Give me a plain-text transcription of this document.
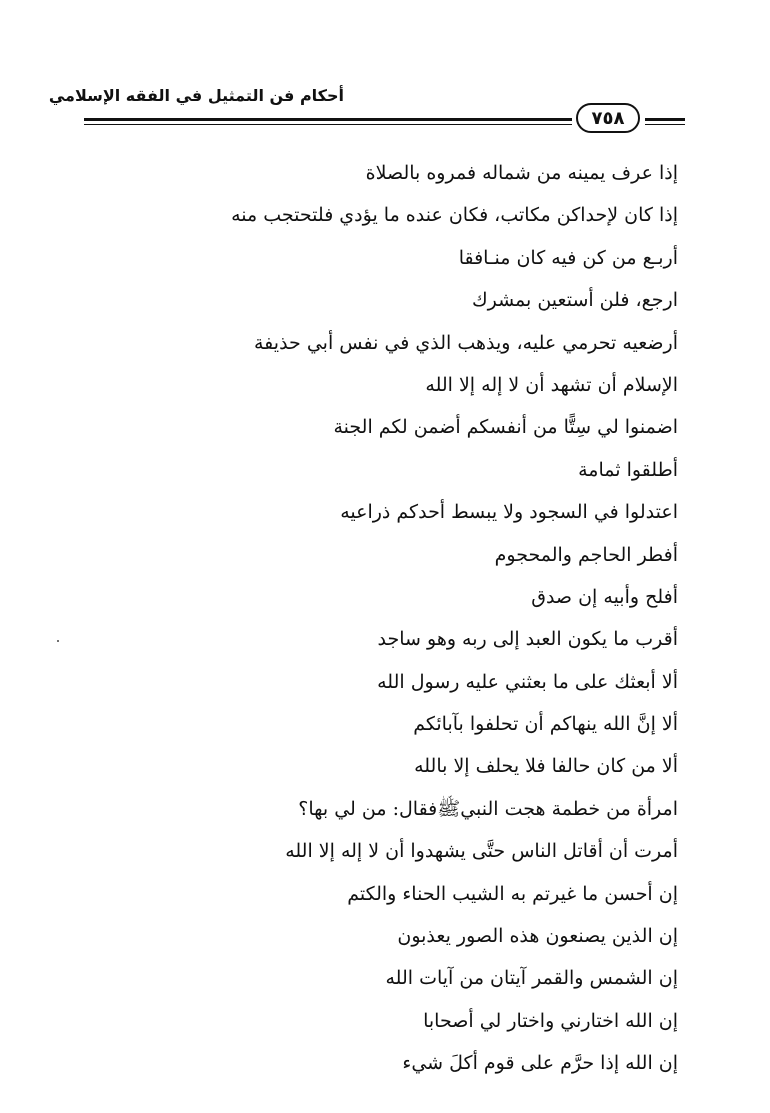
أحكام فن التمثيل في الفقه الإسلامي
٧٥٨
إذا عرف يمينه من شماله فمروه بالصلاة
إذا كان لإحداكن مكاتب، فكان عنده ما يؤدي فلتحتجب منه
أربـع من كن فيه كان منـافقا
ارجع، فلن أستعين بمشرك
أرضعيه تحرمي عليه، ويذهب الذي في نفس أبي حذيفة
الإسلام أن تشهد أن لا إله إلا الله
اضمنوا لي سِتًّا من أنفسكم أضمن لكم الجنة
أطلقوا ثمامة
اعتدلوا في السجود ولا يبسط أحدكم ذراعيه
أفطر الحاجم والمحجوم
أفلح وأبيه إن صدق
أقرب ما يكون العبد إلى ربه وهو ساجد
ألا أبعثك على ما بعثني عليه رسول الله
ألا إنَّ الله ينهاكم أن تحلفوا بآبائكم
ألا من كان حالفا فلا يحلف إلا بالله
امرأة من خطمة هجت النبيﷺفقال: من لي بها؟
أمرت أن أقاتل الناس حتَّى يشهدوا أن لا إله إلا الله
إن أحسن ما غيرتم به الشيب الحناء والكتم
إن الذين يصنعون هذه الصور يعذبون
إن الشمس والقمر آيتان من آيات الله
إن الله اختارني واختار لي أصحابا
إن الله إذا حرَّم على قوم أكلَ شيء
